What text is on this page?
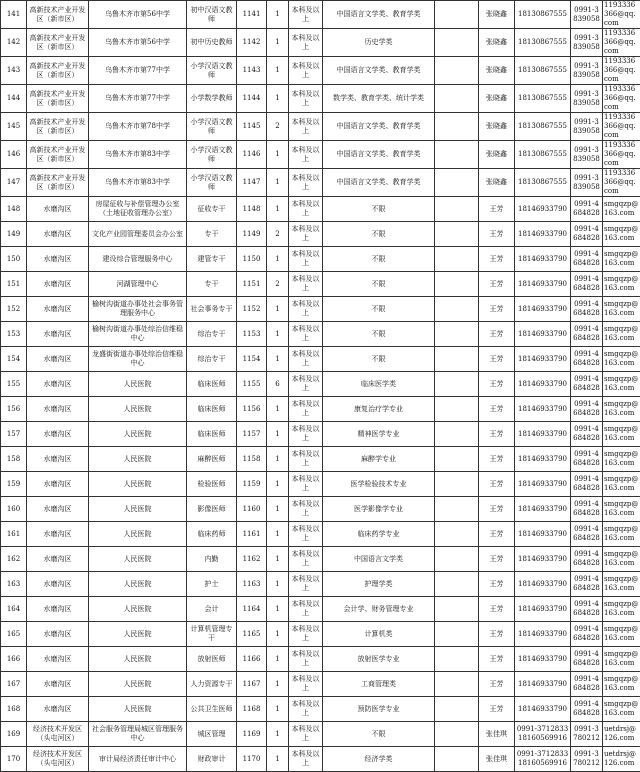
141	高新技术产业开发区（新市区）	乌鲁木齐市第56中学	初中汉语文教师	1141	1	本科及以上	中国语言文学类、教育学类		张晓鑫	18130867555	0991-3839058	1193336366@qq.com
142	高新技术产业开发区（新市区）	乌鲁木齐市第56中学	初中历史教师	1142	1	本科及以上	历史学类		张晓鑫	18130867555	0991-3839058	1193336366@qq.com
143	高新技术产业开发区（新市区）	乌鲁木齐市第77中学	小学汉语文教师	1143	1	本科及以上	中国语言文学类、教育学类		张晓鑫	18130867555	0991-3839058	1193336366@qq.com
144	高新技术产业开发区（新市区）	乌鲁木齐市第77中学	小学数学教师	1144	1	本科及以上	数学类、教育学类、统计学类		张晓鑫	18130867555	0991-3839058	1193336366@qq.com
145	高新技术产业开发区（新市区）	乌鲁木齐市第78中学	小学汉语文教师	1145	2	本科及以上	中国语言文学类、教育学类		张晓鑫	18130867555	0991-3839058	1193336366@qq.com
146	高新技术产业开发区（新市区）	乌鲁木齐市第83中学	小学汉语文教师	1146	1	本科及以上	中国语言文学类、教育学类		张晓鑫	18130867555	0991-3839058	1193336366@qq.com
147	高新技术产业开发区（新市区）	乌鲁木齐市第83中学	小学汉语文教师	1147	1	本科及以上	中国语言文学类、教育学类		张晓鑫	18130867555	0991-3839058	1193336366@qq.com
148	水磨沟区	房屋征收与补偿管理办公室（土地征收管理办公室）	征收专干	1148	1	本科及以上	不限		王芳	18146933790	0991-4684828	smgqzp@163.com
149	水磨沟区	文化产业园管理委员会办公室	专干	1149	2	本科及以上	不限		王芳	18146933790	0991-4684828	smgqzp@163.com
150	水磨沟区	建设综合管理服务中心	建管专干	1150	1	本科及以上	不限		王芳	18146933790	0991-4684828	smgqzp@163.com
151	水磨沟区	河湖管理中心	专干	1151	2	本科及以上	不限		王芳	18146933790	0991-4684828	smgqzp@163.com
152	水磨沟区	榆树沟街道办事处社会事务管理服务中心	社会事务专干	1152	1	本科及以上	不限		王芳	18146933790	0991-4684828	smgqzp@163.com
153	水磨沟区	榆树沟街道办事处综治信维稳中心	综治专干	1153	1	本科及以上	不限		王芳	18146933790	0991-4684828	smgqzp@163.com
154	水磨沟区	龙盛街街道办事处综治信维稳中心	综治专干	1154	1	本科及以上	不限		王芳	18146933790	0991-4684828	smgqzp@163.com
155	水磨沟区	人民医院	临床医师	1155	6	本科及以上	临床医学类		王芳	18146933790	0991-4684828	smgqzp@163.com
156	水磨沟区	人民医院	临床医师	1156	1	本科及以上	康复治疗学专业		王芳	18146933790	0991-4684828	smgqzp@163.com
157	水磨沟区	人民医院	临床医师	1157	1	本科及以上	精神医学专业		王芳	18146933790	0991-4684828	smgqzp@163.com
158	水磨沟区	人民医院	麻醉医师	1158	1	本科及以上	麻醉学专业		王芳	18146933790	0991-4684828	smgqzp@163.com
159	水磨沟区	人民医院	检验医师	1159	1	本科及以上	医学检验技术专业		王芳	18146933790	0991-4684828	smgqzp@163.com
160	水磨沟区	人民医院	影像医师	1160	1	本科及以上	医学影像学专业		王芳	18146933790	0991-4684828	smgqzp@163.com
161	水磨沟区	人民医院	临床药师	1161	1	本科及以上	临床药学专业		王芳	18146933790	0991-4684828	smgqzp@163.com
162	水磨沟区	人民医院	内勤	1162	1	本科及以上	中国语言文学类		王芳	18146933790	0991-4684828	smgqzp@163.com
163	水磨沟区	人民医院	护士	1163	1	本科及以上	护理学类		王芳	18146933790	0991-4684828	smgqzp@163.com
164	水磨沟区	人民医院	会计	1164	1	本科及以上	会计学、财务管理专业		王芳	18146933790	0991-4684828	smgqzp@163.com
165	水磨沟区	人民医院	计算机管理专干	1165	1	本科及以上	计算机类		王芳	18146933790	0991-4684828	smgqzp@163.com
166	水磨沟区	人民医院	放射医师	1166	1	本科及以上	放射医学专业		王芳	18146933790	0991-4684828	smgqzp@163.com
167	水磨沟区	人民医院	人力资源专干	1167	1	本科及以上	工商管理类		王芳	18146933790	0991-4684828	smgqzp@163.com
168	水磨沟区	人民医院	公共卫生医师	1168	1	本科及以上	预防医学专业		王芳	18146933790	0991-4684828	smgqzp@163.com
169	经济技术开发区（头屯河区）	社会服务管理局城区管理服务中心	城区管理	1169	1	本科及以上	不限		张佳琪	0991-3712833 18160569916	0991-3780212	uetdrsj@126.com
170	经济技术开发区（头屯河区）	审计局经济责任审计中心	财政审计	1170	1	本科及以上	经济学类		张佳琪	0991-3712833 18160569916	0991-3780212	uetdrsj@126.com
